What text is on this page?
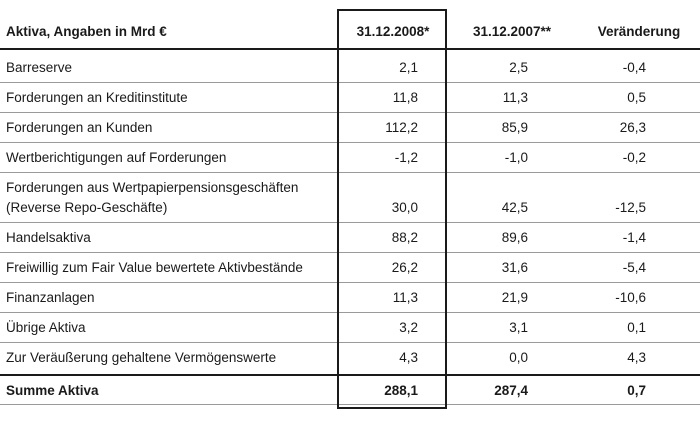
Aktiva, Angaben in Mrd €	31.12.2008*	31.12.2007**	Veränderung
Barreserve	2,1	2,5	-0,4
Forderungen an Kreditinstitute	11,8	11,3	0,5
Forderungen an Kunden	112,2	85,9	26,3
Wertberichtigungen auf Forderungen	-1,2	-1,0	-0,2
Forderungen aus Wertpapierpensionsgeschäften
(Reverse Repo-Geschäfte)	30,0	42,5	-12,5
Handelsaktiva	88,2	89,6	-1,4
Freiwillig zum Fair Value bewertete Aktivbestände	26,2	31,6	-5,4
Finanzanlagen	11,3	21,9	-10,6
Übrige Aktiva	3,2	3,1	0,1
Zur Veräußerung gehaltene Vermögenswerte	4,3	0,0	4,3
Summe Aktiva	288,1	287,4	0,7
